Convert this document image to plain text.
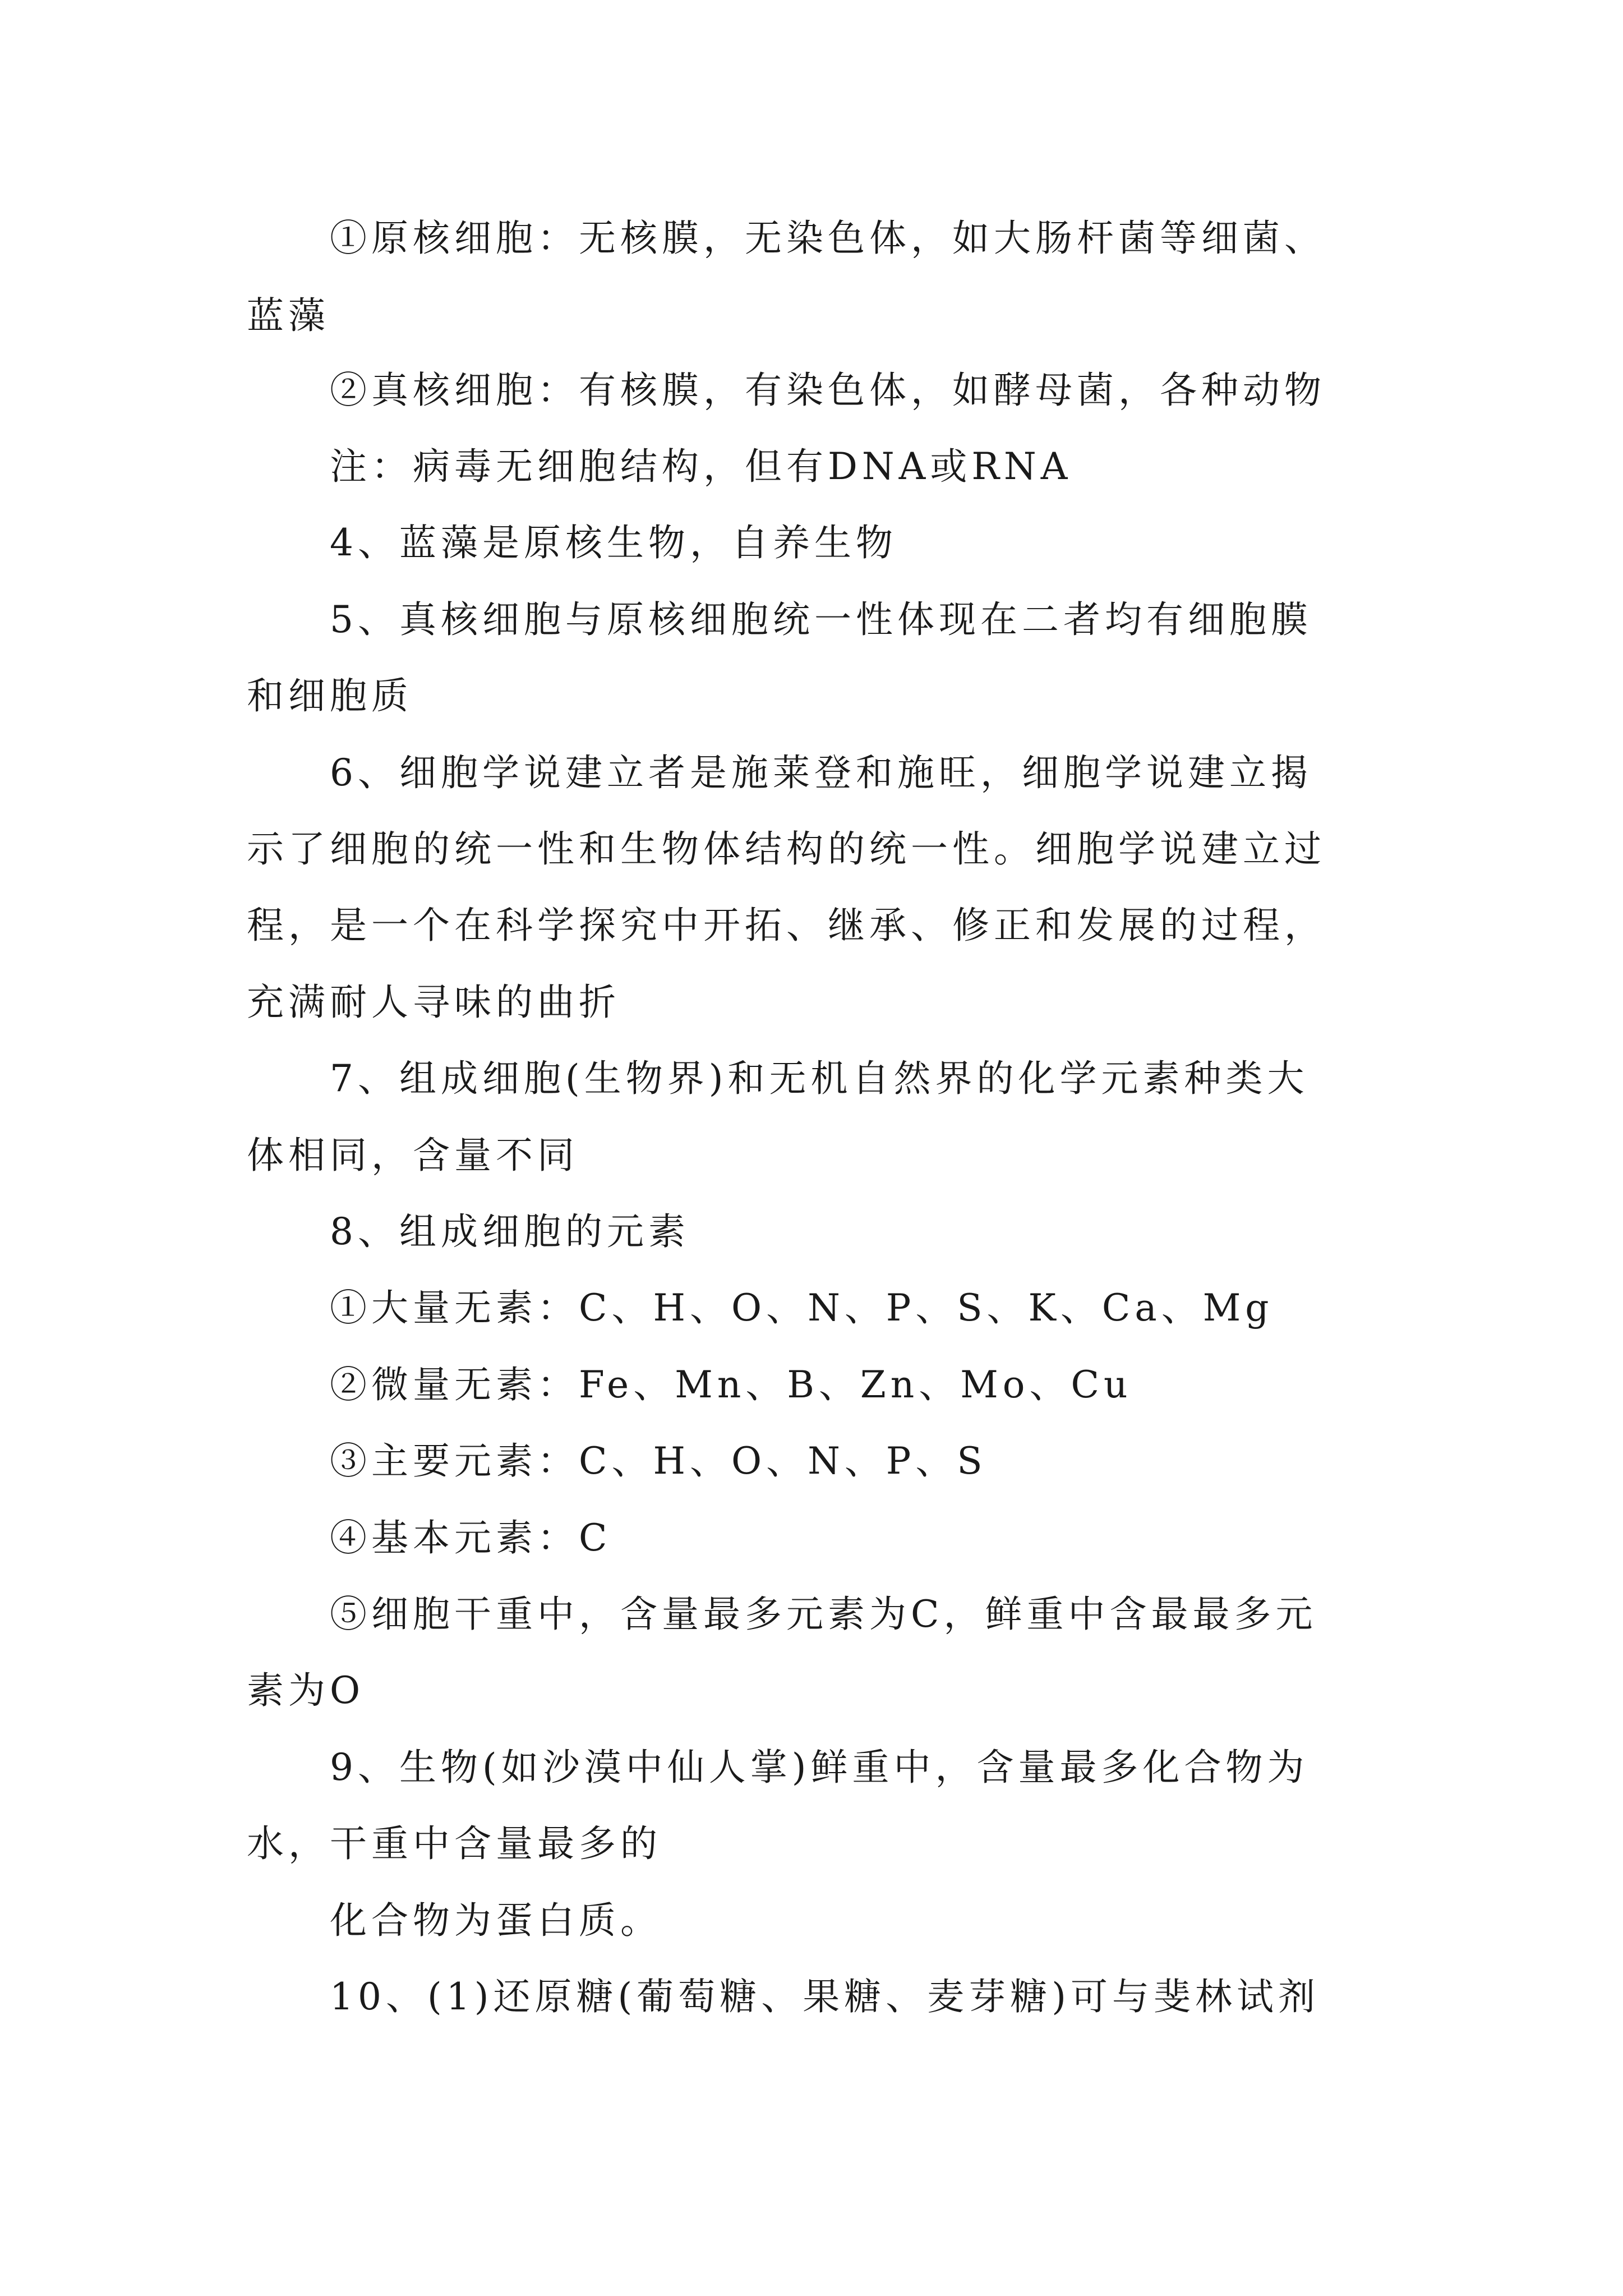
①原核细胞：无核膜，无染色体，如大肠杆菌等细菌、
蓝藻
②真核细胞：有核膜，有染色体，如酵母菌，各种动物
注：病毒无细胞结构，但有DNA或RNA
4、蓝藻是原核生物，自养生物
5、真核细胞与原核细胞统一性体现在二者均有细胞膜
和细胞质
6、细胞学说建立者是施莱登和施旺，细胞学说建立揭
示了细胞的统一性和生物体结构的统一性。细胞学说建立过
程，是一个在科学探究中开拓、继承、修正和发展的过程，
充满耐人寻味的曲折
7、组成细胞(生物界)和无机自然界的化学元素种类大
体相同，含量不同
8、组成细胞的元素
①大量无素：C、H、O、N、P、S、K、Ca、Mg
②微量无素：Fe、Mn、B、Zn、Mo、Cu
③主要元素：C、H、O、N、P、S
④基本元素：C
⑤细胞干重中，含量最多元素为C，鲜重中含最最多元
素为O
9、生物(如沙漠中仙人掌)鲜重中，含量最多化合物为
水，干重中含量最多的
化合物为蛋白质。
10、(1)还原糖(葡萄糖、果糖、麦芽糖)可与斐林试剂
